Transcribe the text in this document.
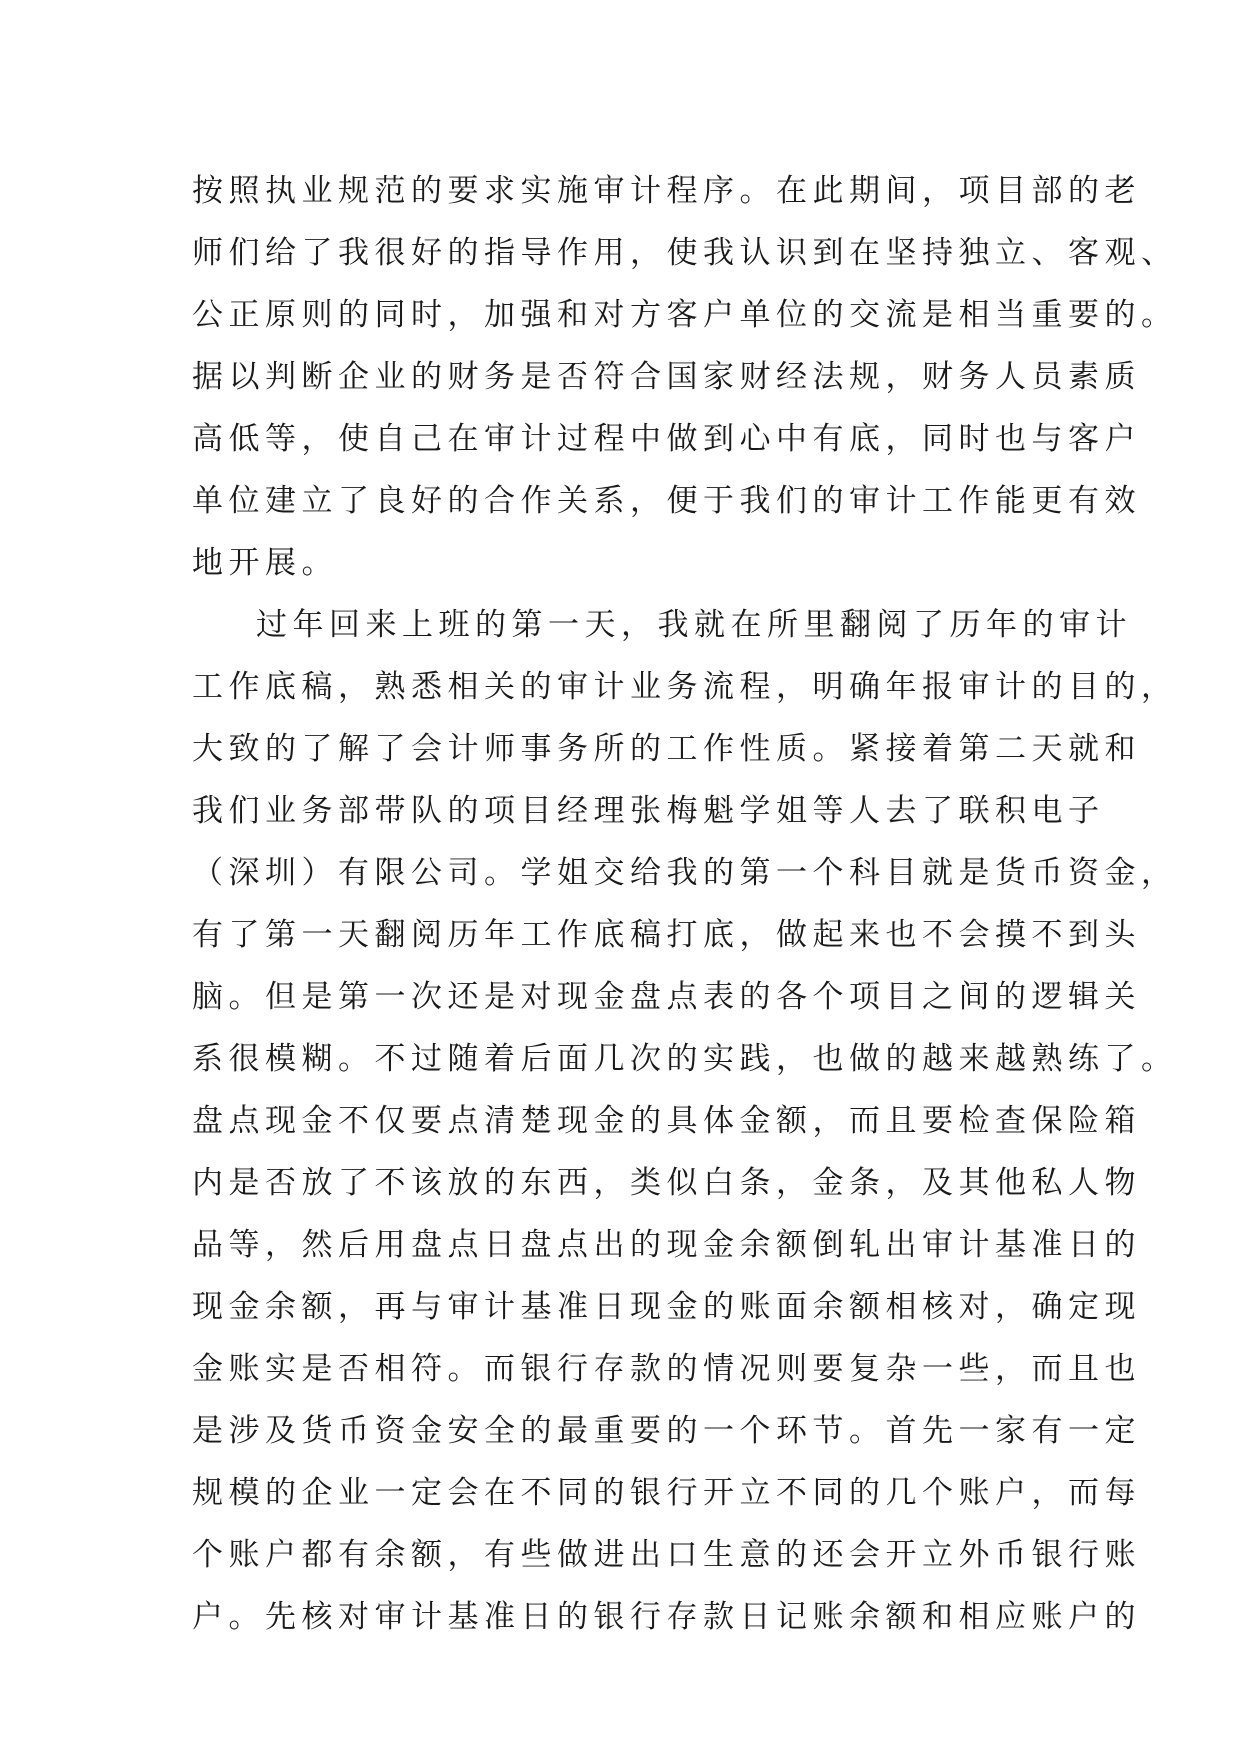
按照执业规范的要求实施审计程序。在此期间，项目部的老
师们给了我很好的指导作用，使我认识到在坚持独立、客观、
公正原则的同时，加强和对方客户单位的交流是相当重要的。
据以判断企业的财务是否符合国家财经法规，财务人员素质
高低等，使自己在审计过程中做到心中有底，同时也与客户
单位建立了良好的合作关系，便于我们的审计工作能更有效
地开展。
过年回来上班的第一天，我就在所里翻阅了历年的审计
工作底稿，熟悉相关的审计业务流程，明确年报审计的目的，
大致的了解了会计师事务所的工作性质。紧接着第二天就和
我们业务部带队的项目经理张梅魁学姐等人去了联积电子
（深圳）有限公司。学姐交给我的第一个科目就是货币资金，
有了第一天翻阅历年工作底稿打底，做起来也不会摸不到头
脑。但是第一次还是对现金盘点表的各个项目之间的逻辑关
系很模糊。不过随着后面几次的实践，也做的越来越熟练了。
盘点现金不仅要点清楚现金的具体金额，而且要检查保险箱
内是否放了不该放的东西，类似白条，金条，及其他私人物
品等，然后用盘点日盘点出的现金余额倒轧出审计基准日的
现金余额，再与审计基准日现金的账面余额相核对，确定现
金账实是否相符。而银行存款的情况则要复杂一些，而且也
是涉及货币资金安全的最重要的一个环节。首先一家有一定
规模的企业一定会在不同的银行开立不同的几个账户，而每
个账户都有余额，有些做进出口生意的还会开立外币银行账
户。先核对审计基准日的银行存款日记账余额和相应账户的
